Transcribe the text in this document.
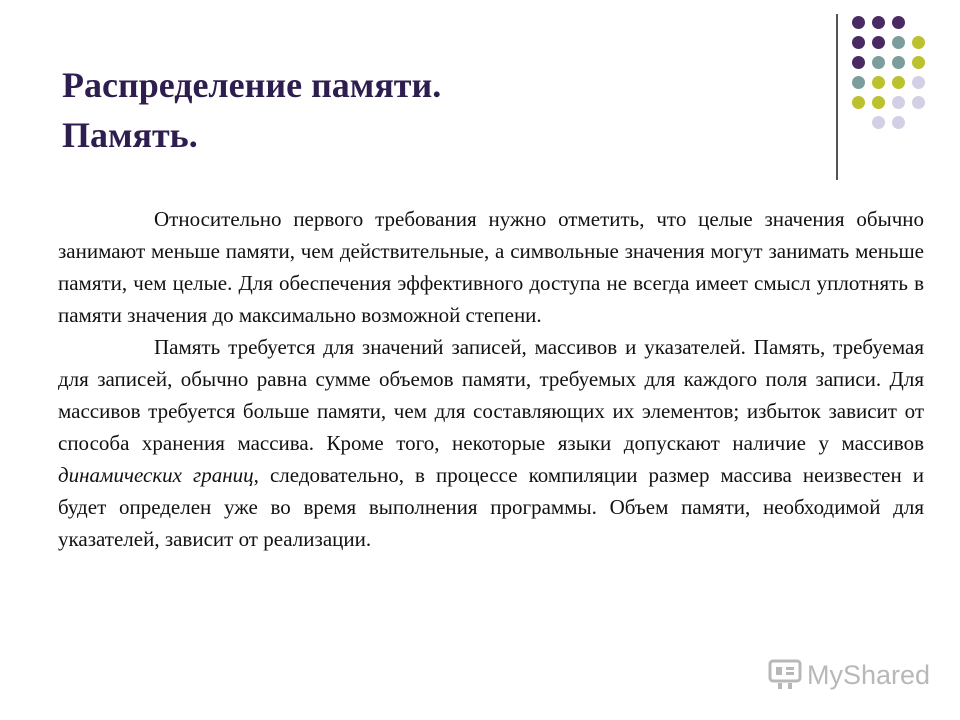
Распределение памяти.
Память.

Относительно первого требования нужно отметить, что целые значения обычно занимают меньше памяти, чем действительные, а символьные значения могут занимать меньше памяти, чем целые. Для обеспечения эффективного доступа не всегда имеет смысл уплотнять в памяти значения до максимально возможной степени.

Память требуется для значений записей, массивов и указателей. Память, требуемая для записей, обычно равна сумме объемов памяти, требуемых для каждого поля записи. Для массивов требуется больше памяти, чем для составляющих их элементов; избыток зависит от способа хранения массива. Кроме того, некоторые языки допускают наличие у массивов динамических границ, следовательно, в процессе компиляции размер массива неизвестен и будет определен уже во время выполнения программы. Объем памяти, необходимой для указателей, зависит от реализации.

MyShared
